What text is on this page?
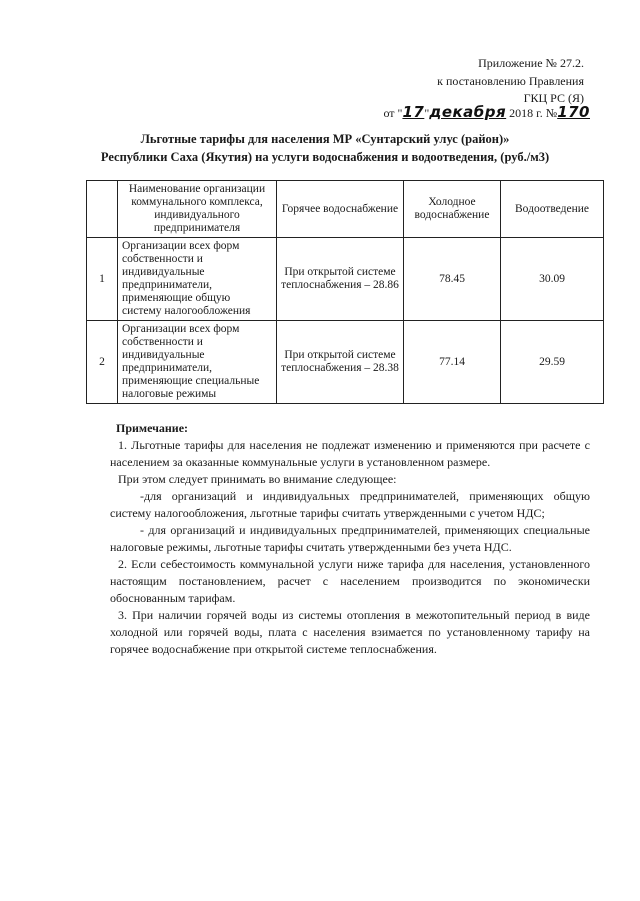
Приложение № 27.2.
к постановлению Правления
ГКЦ РС (Я)
от "17"декабря 2018 г. №170
Льготные тарифы для населения МР «Сунтарский улус (район)»
Республики Саха (Якутия) на услуги водоснабжения и водоотведения, (руб./м3)
	Наименование организации коммунального комплекса, индивидуального предпринимателя	Горячее водоснабжение	Холодное водоснабжение	Водоотведение
1	Организации всех форм собственности и индивидуальные предприниматели, применяющие общую систему налогообложения	При открытой системе теплоснабжения – 28.86	78.45	30.09
2	Организации всех форм собственности и индивидуальные предприниматели, применяющие специальные налоговые режимы	При открытой системе теплоснабжения – 28.38	77.14	29.59

Примечание:

1. Льготные тарифы для населения не подлежат изменению и применяются при расчете с населением за оказанные коммунальные услуги в установленном размере.

При этом следует принимать во внимание следующее:

-для организаций и индивидуальных предпринимателей, применяющих общую систему налогообложения, льготные тарифы считать утвержденными с учетом НДС;

- для организаций и индивидуальных предпринимателей, применяющих специальные налоговые режимы, льготные тарифы считать утвержденными без учета НДС.

2. Если себестоимость коммунальной услуги ниже тарифа для населения, установленного настоящим постановлением, расчет с населением производится по экономически обоснованным тарифам.

3. При наличии горячей воды из системы отопления в межотопительный период в виде холодной или горячей воды, плата с населения взимается по установленному тарифу на горячее водоснабжение при открытой системе теплоснабжения.
